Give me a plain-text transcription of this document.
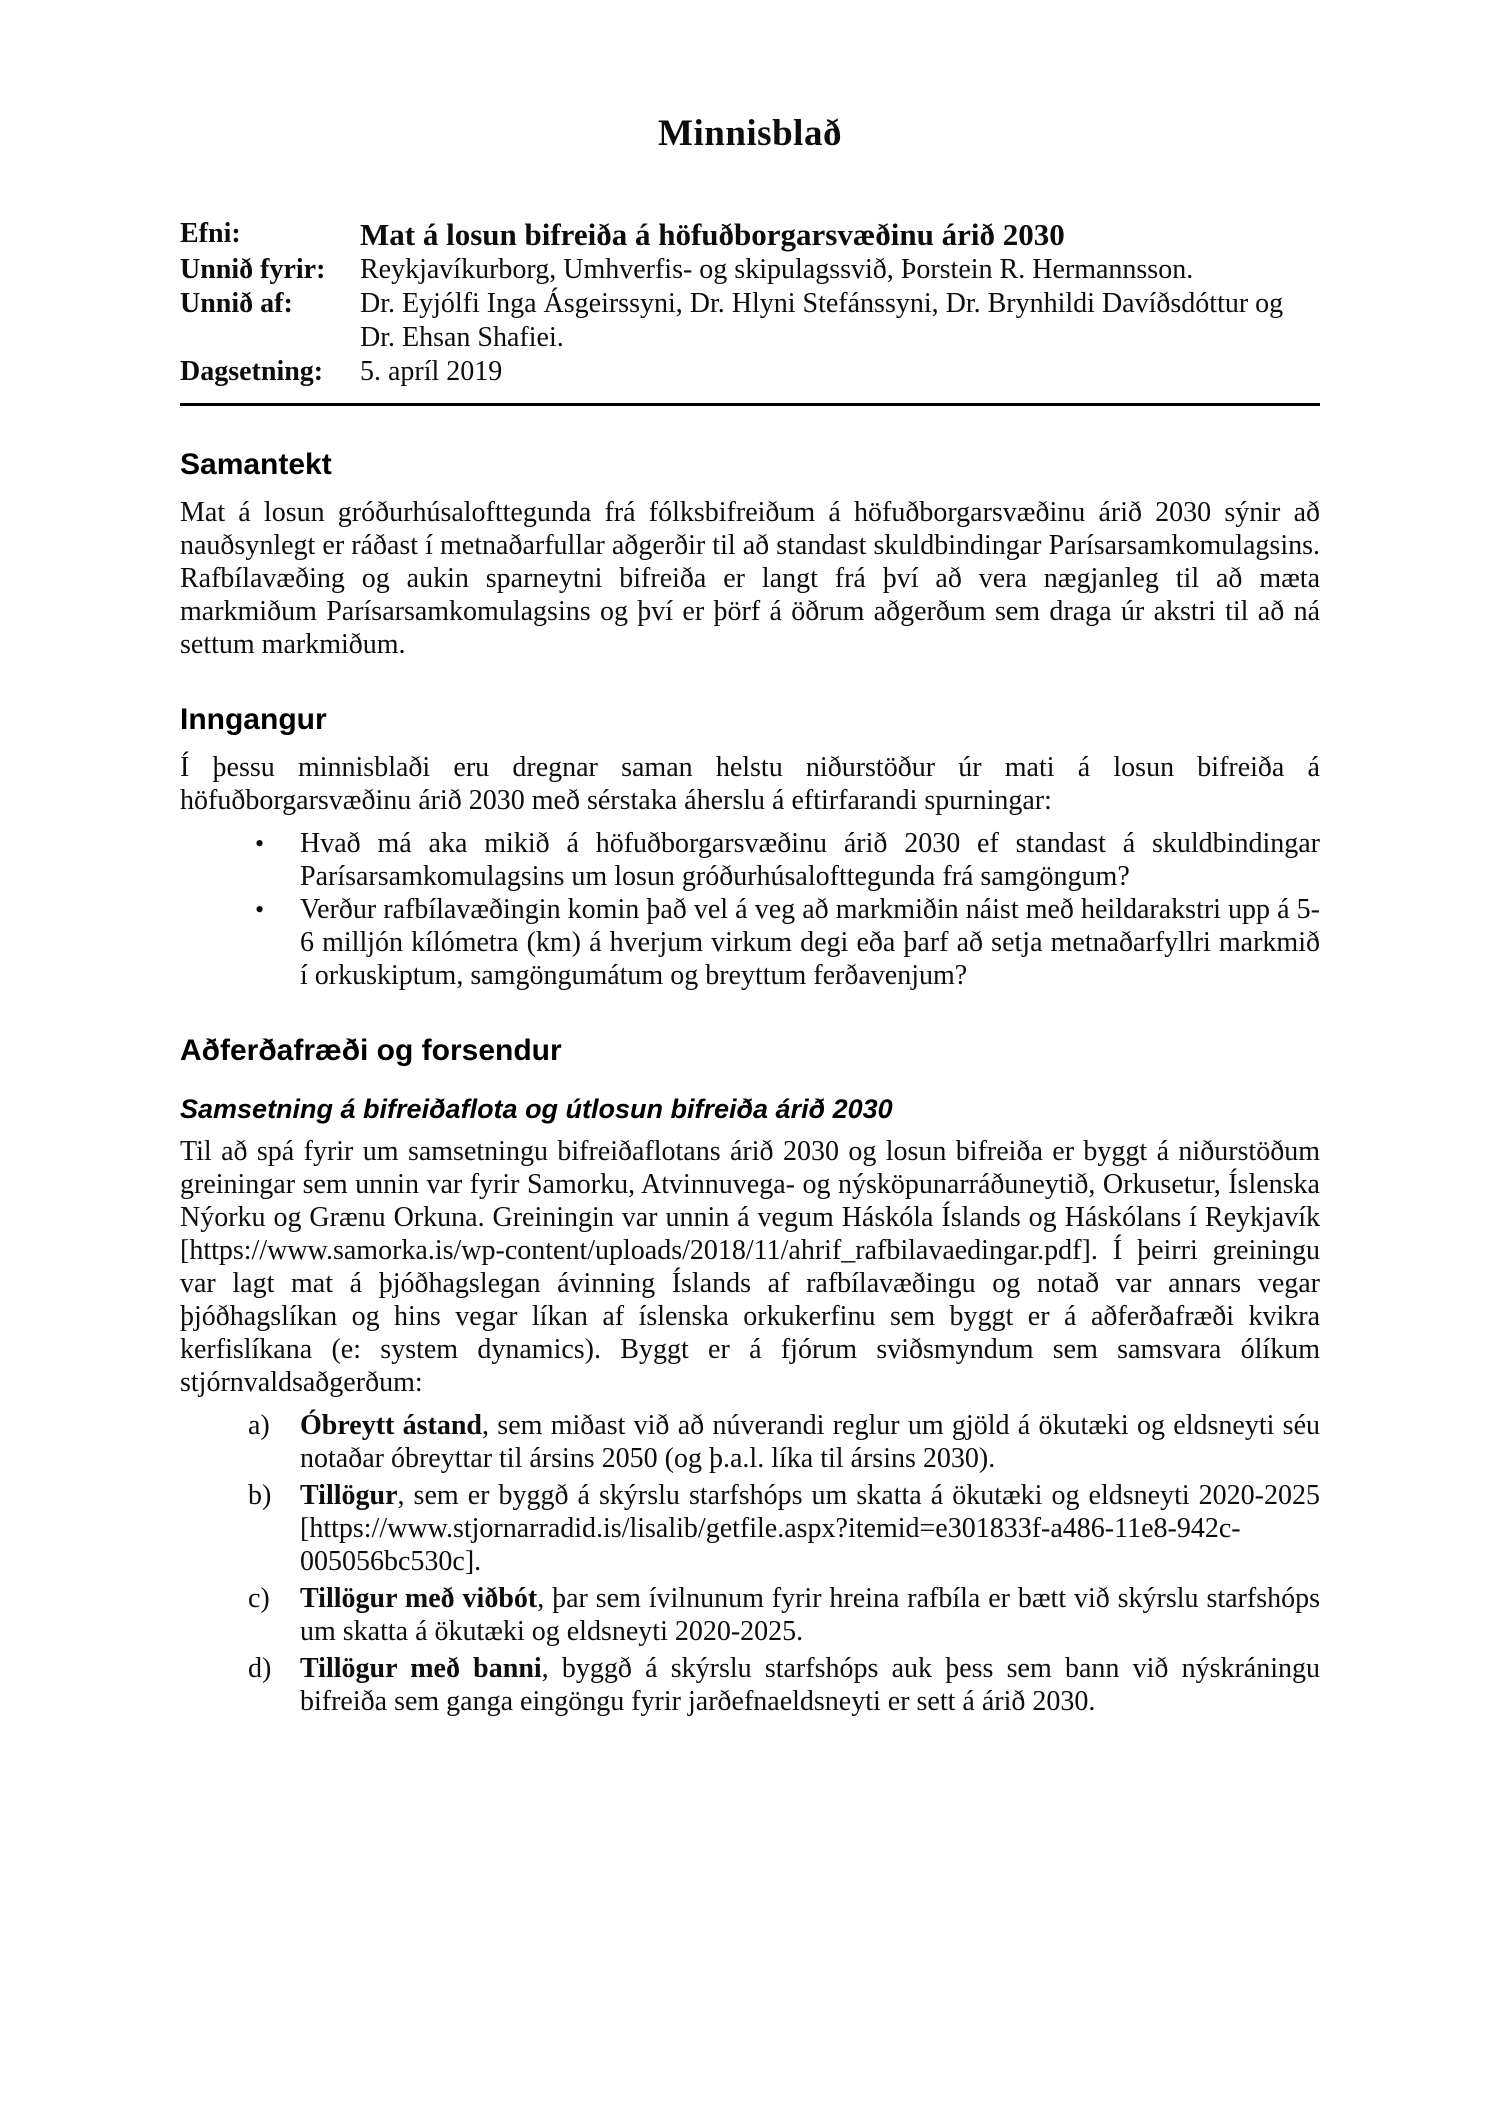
Minnisblað
Efni:	Mat á losun bifreiða á höfuðborgarsvæðinu árið 2030
Unnið fyrir:	Reykjavíkurborg, Umhverfis- og skipulagssvið, Þorstein R. Hermannsson.
Unnið af:	Dr. Eyjólfi Inga Ásgeirssyni, Dr. Hlyni Stefánssyni, Dr. Brynhildi Davíðsdóttur og Dr. Ehsan Shafiei.
Dagsetning:	5. apríl 2019
Samantekt

Mat á losun gróðurhúsalofttegunda frá fólksbifreiðum á höfuðborgarsvæðinu árið 2030 sýnir að nauðsynlegt er ráðast í metnaðarfullar aðgerðir til að standast skuldbindingar Parísarsamkomulagsins. Rafbílavæðing og aukin sparneytni bifreiða er langt frá því að vera nægjanleg til að mæta markmiðum Parísarsamkomulagsins og því er þörf á öðrum aðgerðum sem draga úr akstri til að ná settum markmiðum.

Inngangur

Í þessu minnisblaði eru dregnar saman helstu niðurstöður úr mati á losun bifreiða á höfuðborgarsvæðinu árið 2030 með sérstaka áherslu á eftirfarandi spurningar:

•	Hvað má aka mikið á höfuðborgarsvæðinu árið 2030 ef standast á skuldbindingar Parísarsamkomulagsins um losun gróðurhúsalofttegunda frá samgöngum?
•	Verður rafbílavæðingin komin það vel á veg að markmiðin náist með heildarakstri upp á 5-6 milljón kílómetra (km) á hverjum virkum degi eða þarf að setja metnaðarfyllri markmið í orkuskiptum, samgöngumátum og breyttum ferðavenjum?
Aðferðafræði og forsendur
Samsetning á bifreiðaflota og útlosun bifreiða árið 2030

Til að spá fyrir um samsetningu bifreiðaflotans árið 2030 og losun bifreiða er byggt á niðurstöðum greiningar sem unnin var fyrir Samorku, Atvinnuvega- og nýsköpunarráðuneytið, Orkusetur, Íslenska Nýorku og Grænu Orkuna. Greiningin var unnin á vegum Háskóla Íslands og Háskólans í Reykjavík [https://www.samorka.is/wp-content/uploads/2018/11/ahrif_rafbilavaedingar.pdf]. Í þeirri greiningu var lagt mat á þjóðhagslegan ávinning Íslands af rafbílavæðingu og notað var annars vegar þjóðhagslíkan og hins vegar líkan af íslenska orkukerfinu sem byggt er á aðferðafræði kvikra kerfislíkana (e: system dynamics). Byggt er á fjórum sviðsmyndum sem samsvara ólíkum stjórnvaldsaðgerðum:

a)	Óbreytt ástand, sem miðast við að núverandi reglur um gjöld á ökutæki og eldsneyti séu notaðar óbreyttar til ársins 2050 (og þ.a.l. líka til ársins 2030).
b)	Tillögur, sem er byggð á skýrslu starfshóps um skatta á ökutæki og eldsneyti 2020-2025 [https://www.stjornarradid.is/lisalib/getfile.aspx?itemid=e301833f-a486-11e8-942c-005056bc530c].
c)	Tillögur með viðbót, þar sem ívilnunum fyrir hreina rafbíla er bætt við skýrslu starfshóps um skatta á ökutæki og eldsneyti 2020-2025.
d)	Tillögur með banni, byggð á skýrslu starfshóps auk þess sem bann við nýskráningu bifreiða sem ganga eingöngu fyrir jarðefnaeldsneyti er sett á árið 2030.
